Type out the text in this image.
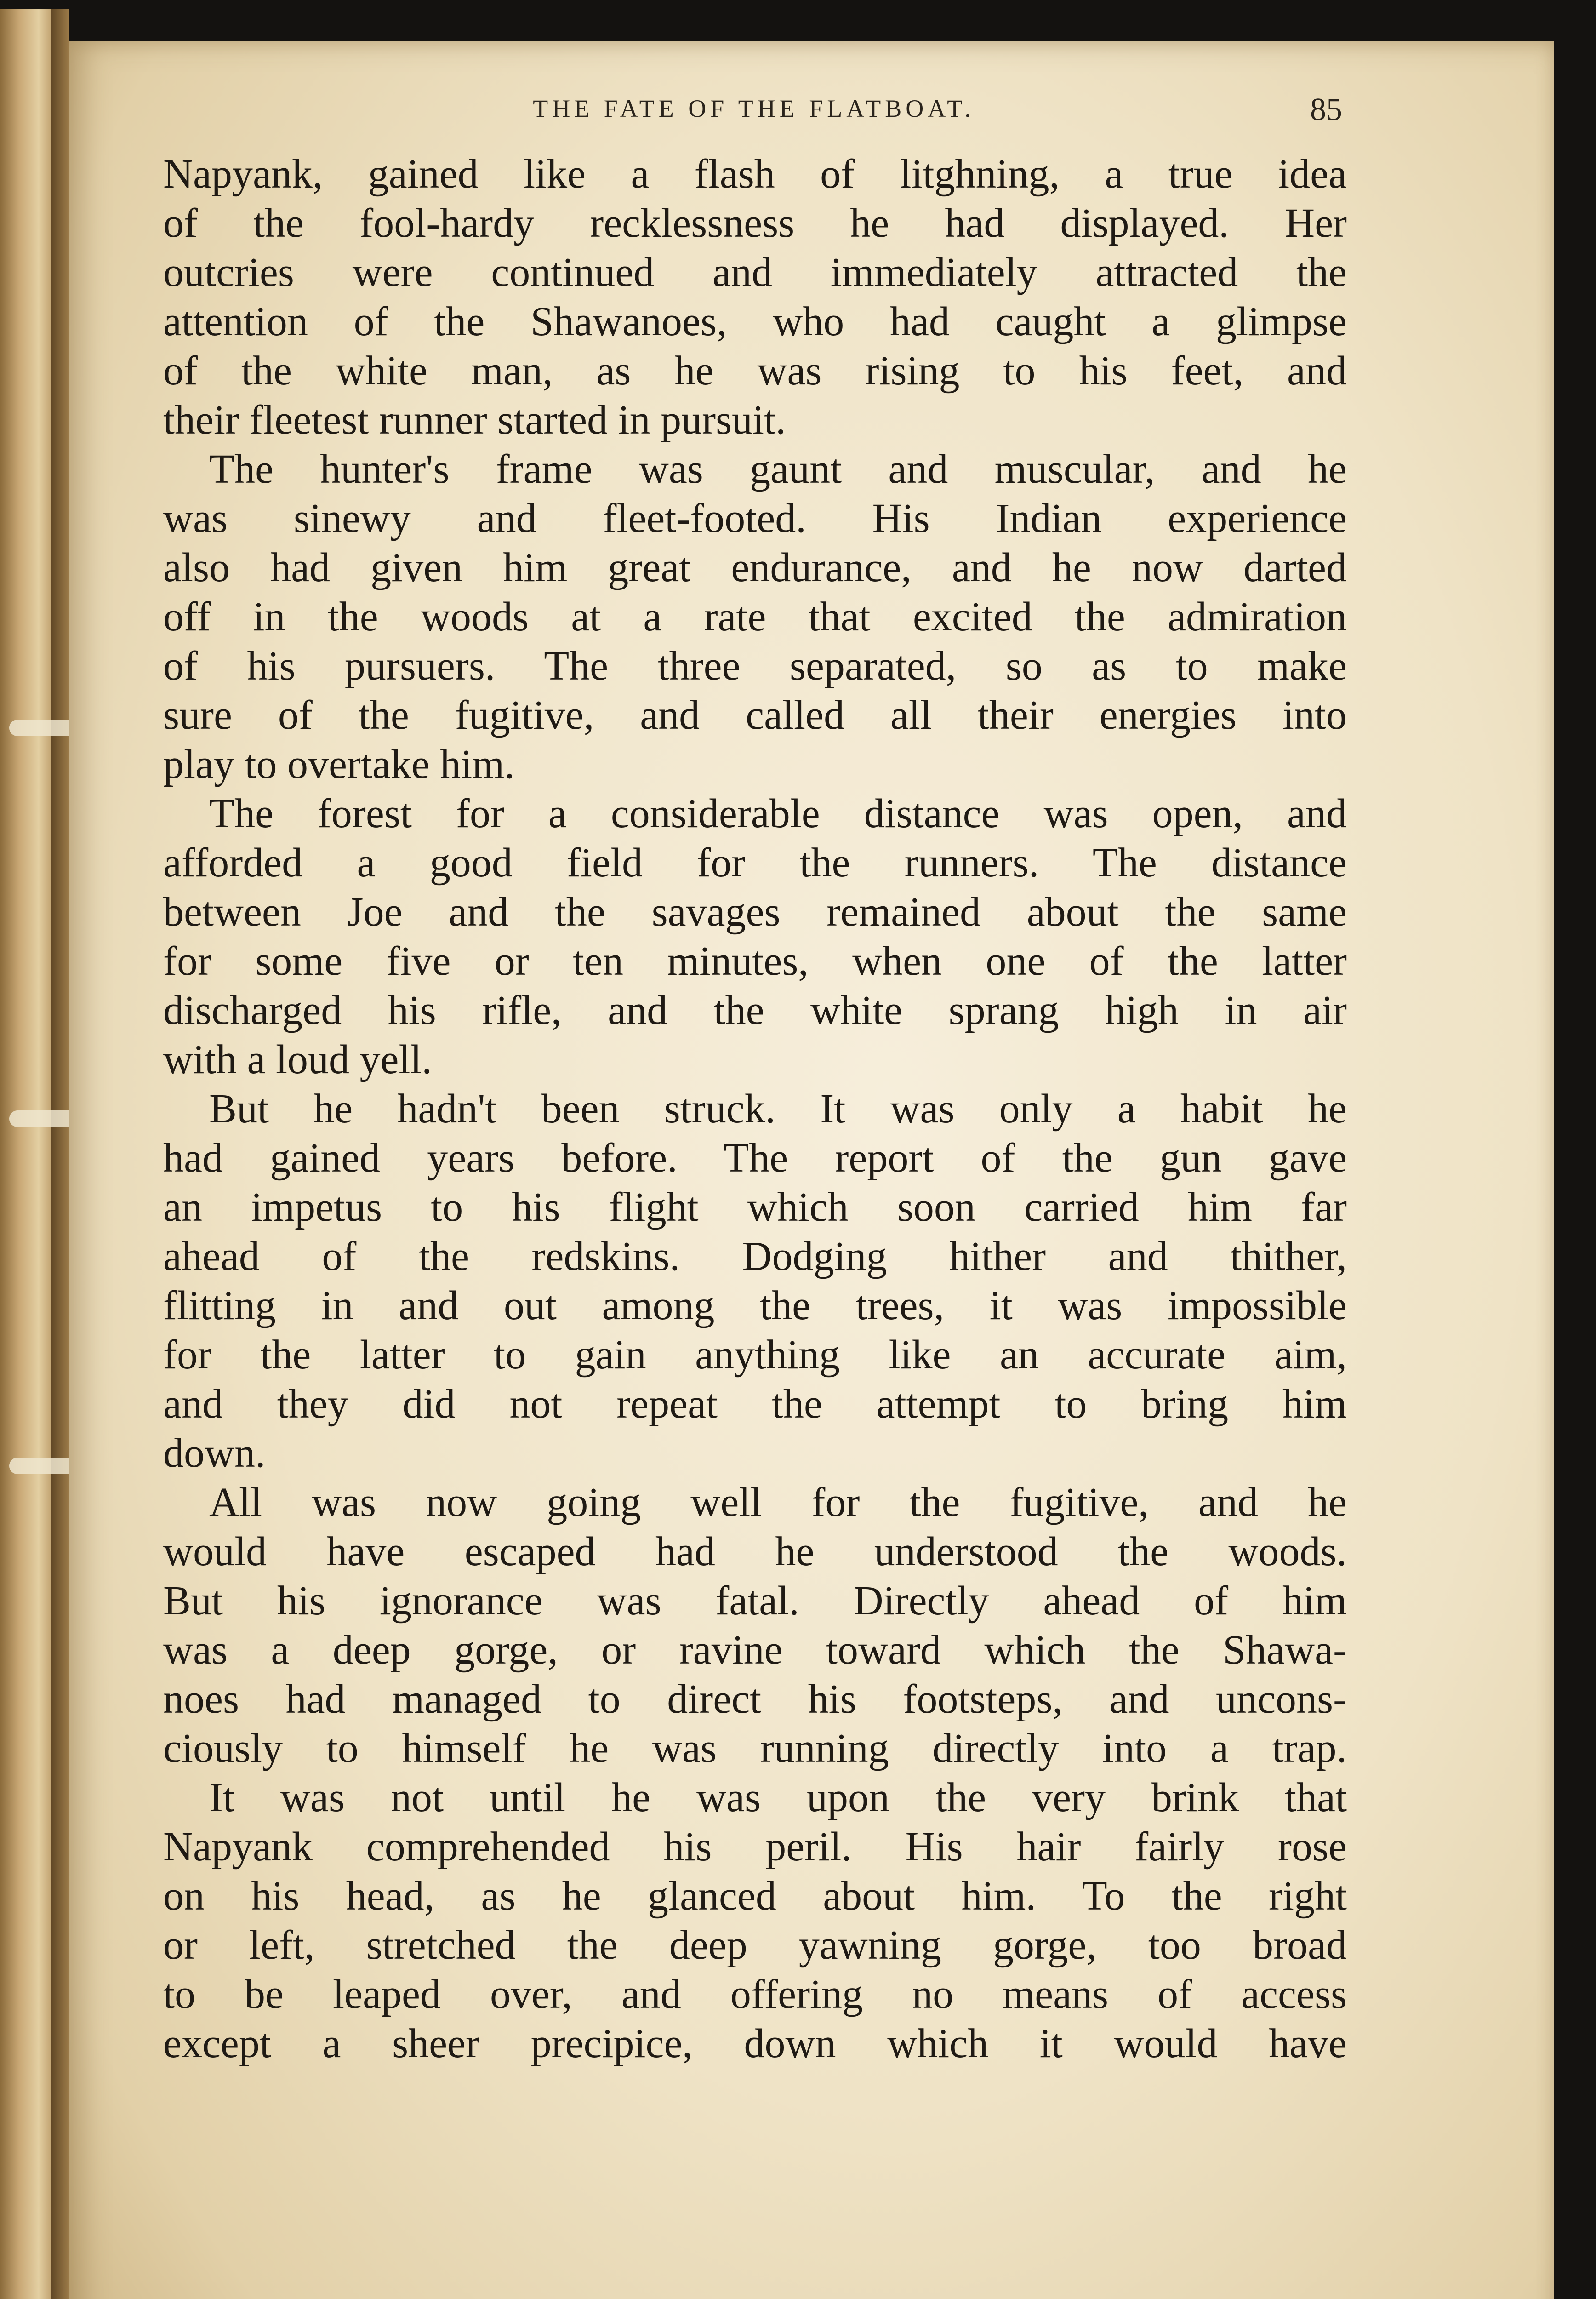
THE FATE OF THE FLATBOAT.	85
Napyank, gained like a flash of litghning, a true idea
of the fool-hardy recklessness he had displayed. Her
outcries were continued and immediately attracted the
attention of the Shawanoes, who had caught a glimpse
of the white man, as he was rising to his feet, and
their fleetest runner started in pursuit.
The hunter's frame was gaunt and muscular, and he
was sinewy and fleet-footed. His Indian experience
also had given him great endurance, and he now darted
off in the woods at a rate that excited the admiration
of his pursuers. The three separated, so as to make
sure of the fugitive, and called all their energies into
play to overtake him.
The forest for a considerable distance was open, and
afforded a good field for the runners. The distance
between Joe and the savages remained about the same
for some five or ten minutes, when one of the latter
discharged his rifle, and the white sprang high in air
with a loud yell.
But he hadn't been struck. It was only a habit he
had gained years before. The report of the gun gave
an impetus to his flight which soon carried him far
ahead of the redskins. Dodging hither and thither,
flitting in and out among the trees, it was impossible
for the latter to gain anything like an accurate aim,
and they did not repeat the attempt to bring him
down.
All was now going well for the fugitive, and he
would have escaped had he understood the woods.
But his ignorance was fatal. Directly ahead of him
was a deep gorge, or ravine toward which the Shawa-
noes had managed to direct his footsteps, and uncons-
ciously to himself he was running directly into a trap.
It was not until he was upon the very brink that
Napyank comprehended his peril. His hair fairly rose
on his head, as he glanced about him. To the right
or left, stretched the deep yawning gorge, too broad
to be leaped over, and offering no means of access
except a sheer precipice, down which it would have
